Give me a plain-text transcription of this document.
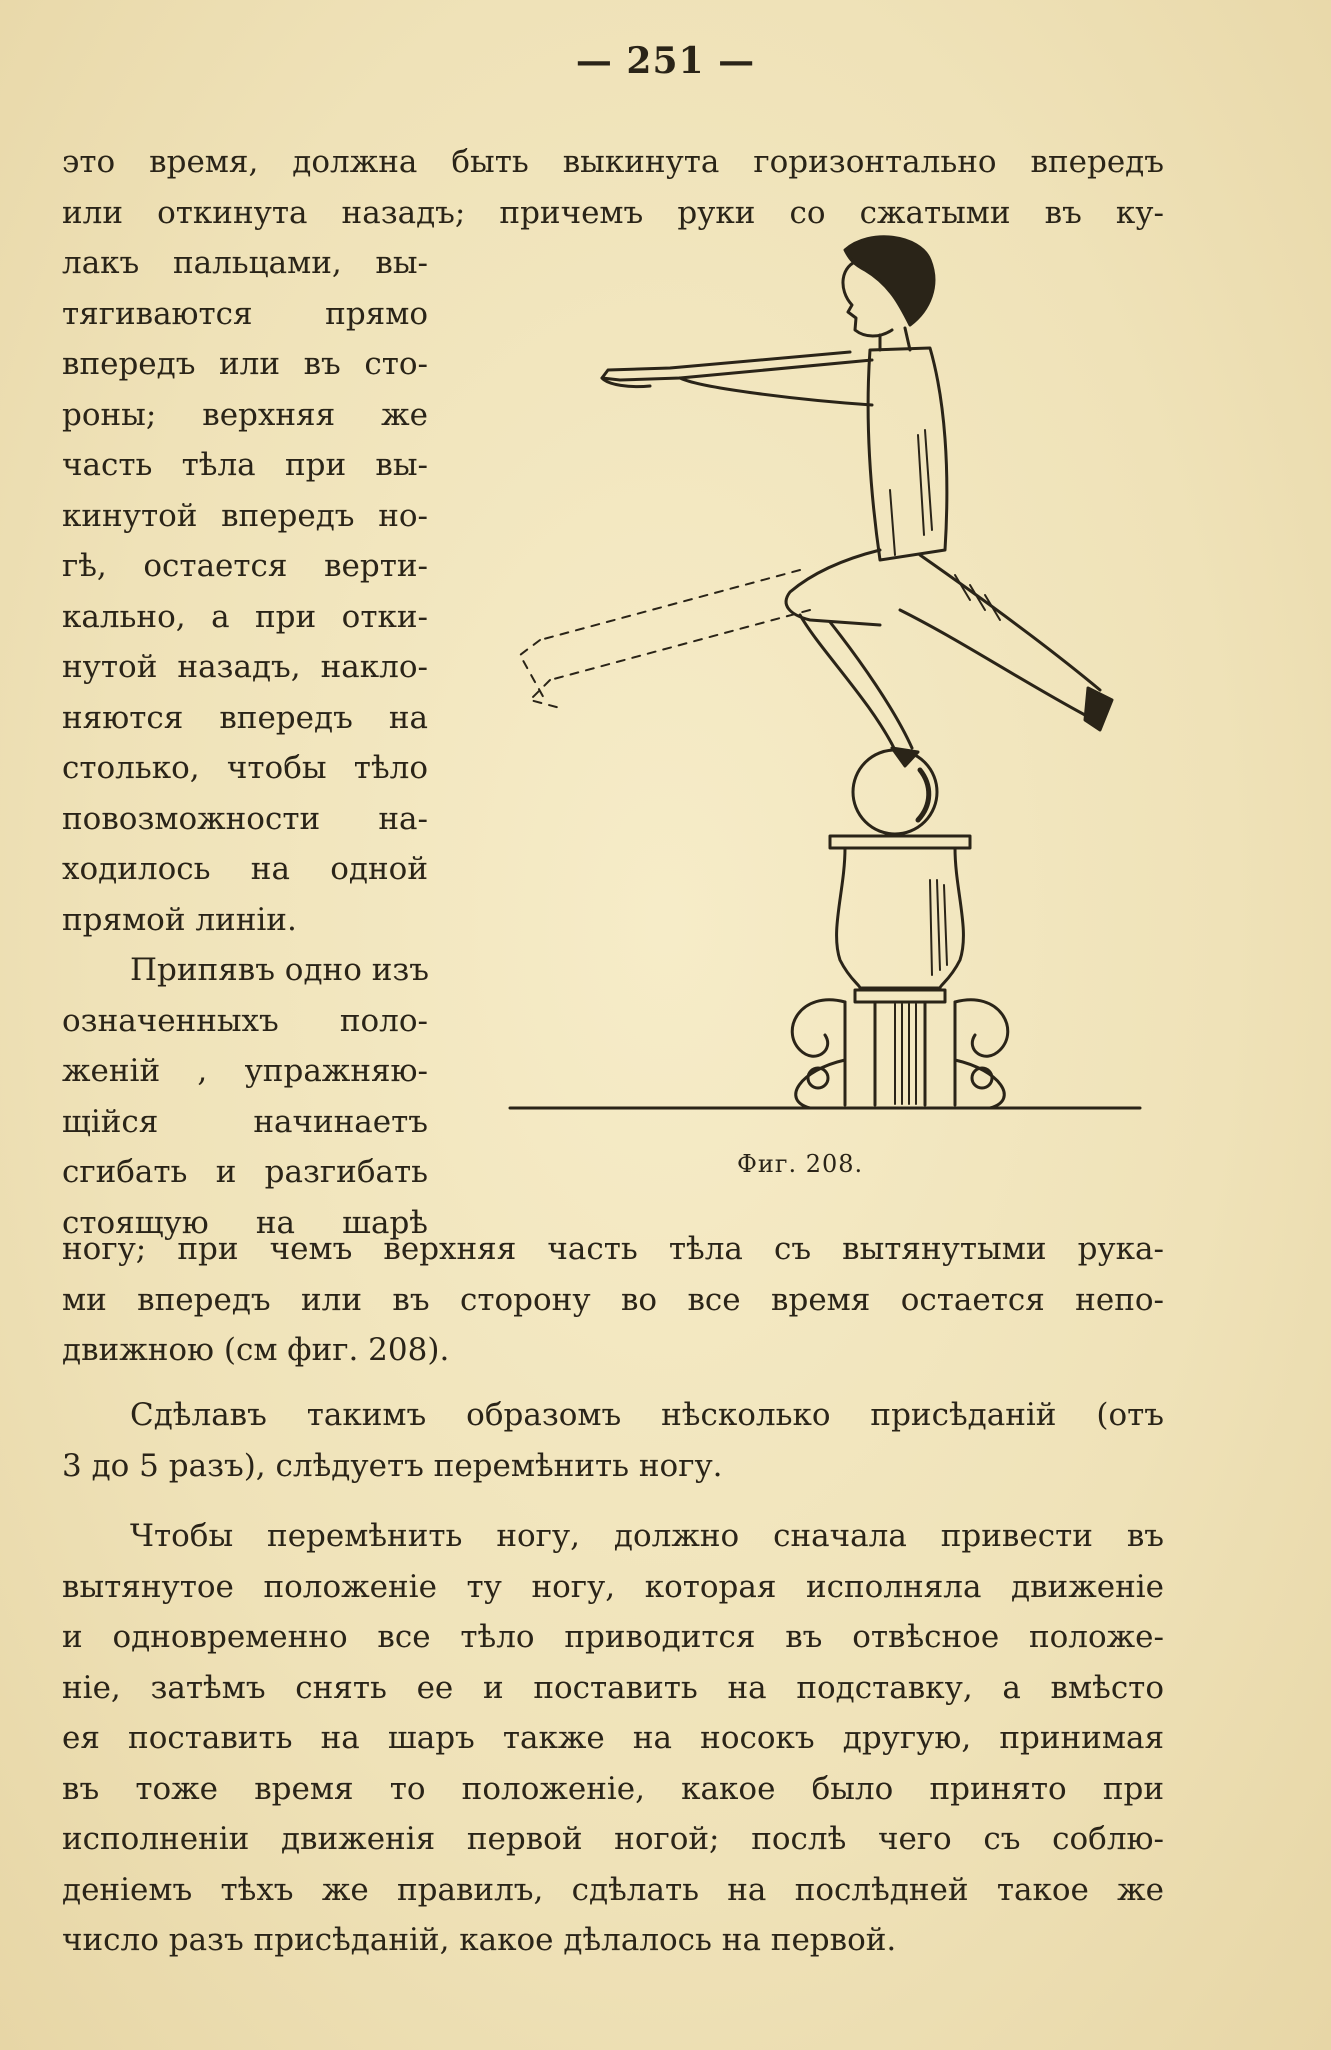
— 251 —
это время, должна быть выкинута горизонтально впередъ
или откинута назадъ; причемъ руки со сжатыми въ ку-
лакъ пальцами, вы-
тягиваются прямо
впередъ или въ сто-
роны; верхняя же
часть тѣла при вы-
кинутой впередъ но-
гѣ, остается верти-
кально, а при отки-
нутой назадъ, накло-
няются впередъ на
столько, чтобы тѣло
повозможности на-
ходилось на одной
прямой линіи.
Припявъ одно изъ
означенныхъ поло-
женій , упражняю-
щійся начинаетъ
сгибать и разгибать
стоящую на шарѣ
Фиг. 208.
ногу; при чемъ верхняя часть тѣла съ вытянутыми рука-
ми впередъ или въ сторону во все время остается непо-
движною (см фиг. 208).
Сдѣлавъ такимъ образомъ нѣсколько присѣданій (отъ
3 до 5 разъ), слѣдуетъ перемѣнить ногу.
Чтобы перемѣнить ногу, должно сначала привести въ
вытянутое положеніе ту ногу, которая исполняла движеніе
и одновременно все тѣло приводится въ отвѣсное положе-
ніе, затѣмъ снять ее и поставить на подставку, а вмѣсто
ея поставить на шаръ также на носокъ другую, принимая
въ тоже время то положеніе, какое было принято при
исполненіи движенія первой ногой; послѣ чего съ соблю-
деніемъ тѣхъ же правилъ, сдѣлать на послѣдней такое же
число разъ присѣданій, какое дѣлалось на первой.
